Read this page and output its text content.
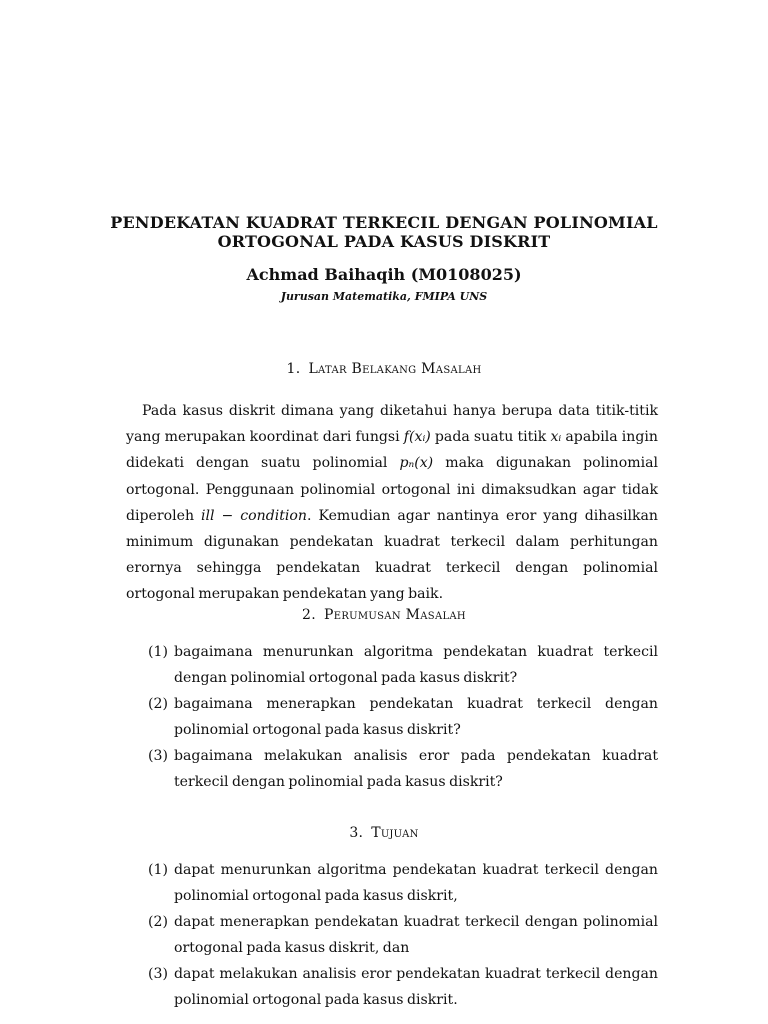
PENDEKATAN KUADRAT TERKECIL DENGAN POLINOMIAL
ORTOGONAL PADA KASUS DISKRIT
Achmad Baihaqih (M0108025)
Jurusan Matematika, FMIPA UNS
1. Latar Belakang Masalah

Pada kasus diskrit dimana yang diketahui hanya berupa data titik-titik yang merupakan koordinat dari fungsi f(xᵢ) pada suatu titik xᵢ apabila ingin didekati dengan suatu polinomial pₙ(x) maka digunakan polinomial ortogonal. Penggunaan polinomial ortogonal ini dimaksudkan agar tidak diperoleh ill − condition. Kemudian agar nantinya eror yang dihasilkan minimum digunakan pendekatan kuadrat terkecil dalam perhitungan erornya sehingga pendekatan kuadrat terkecil dengan polinomial ortogonal merupakan pendekatan yang baik.

2. Perumusan Masalah
(1) bagaimana menurunkan algoritma pendekatan kuadrat terkecil dengan polinomial ortogonal pada kasus diskrit?
(2) bagaimana menerapkan pendekatan kuadrat terkecil dengan polinomial ortogonal pada kasus diskrit?
(3) bagaimana melakukan analisis eror pada pendekatan kuadrat terkecil dengan polinomial pada kasus diskrit?
3. Tujuan
(1) dapat menurunkan algoritma pendekatan kuadrat terkecil dengan polinomial ortogonal pada kasus diskrit,
(2) dapat menerapkan pendekatan kuadrat terkecil dengan polinomial ortogonal pada kasus diskrit, dan
(3) dapat melakukan analisis eror pendekatan kuadrat terkecil dengan polinomial ortogonal pada kasus diskrit.
